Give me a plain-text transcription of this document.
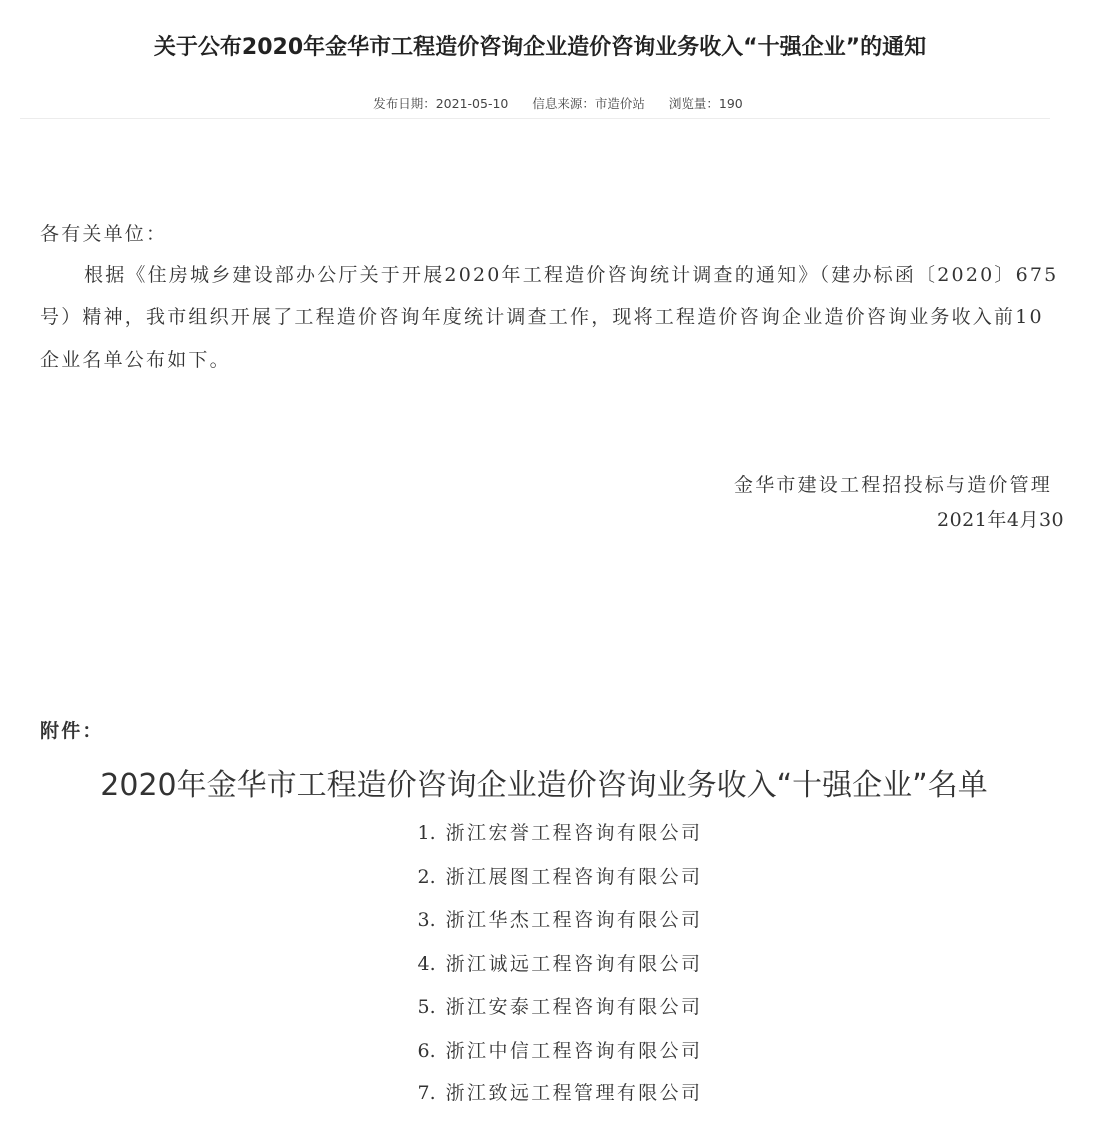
关于公布2020年金华市工程造价咨询企业造价咨询业务收入“十强企业”的通知
发布日期：2021-05-10 信息来源：市造价站 浏览量：190
各有关单位：
根据《住房城乡建设部办公厅关于开展2020年工程造价咨询统计调查的通知》（建办标函〔2020〕675
号）精神，我市组织开展了工程造价咨询年度统计调查工作，现将工程造价咨询企业造价咨询业务收入前10
企业名单公布如下。
金华市建设工程招投标与造价管理
2021年4月30
附件：
2020年金华市工程造价咨询企业造价咨询业务收入“十强企业”名单
1. 浙江宏誉工程咨询有限公司
2. 浙江展图工程咨询有限公司
3. 浙江华杰工程咨询有限公司
4. 浙江诚远工程咨询有限公司
5. 浙江安泰工程咨询有限公司
6. 浙江中信工程咨询有限公司
7. 浙江致远工程管理有限公司
